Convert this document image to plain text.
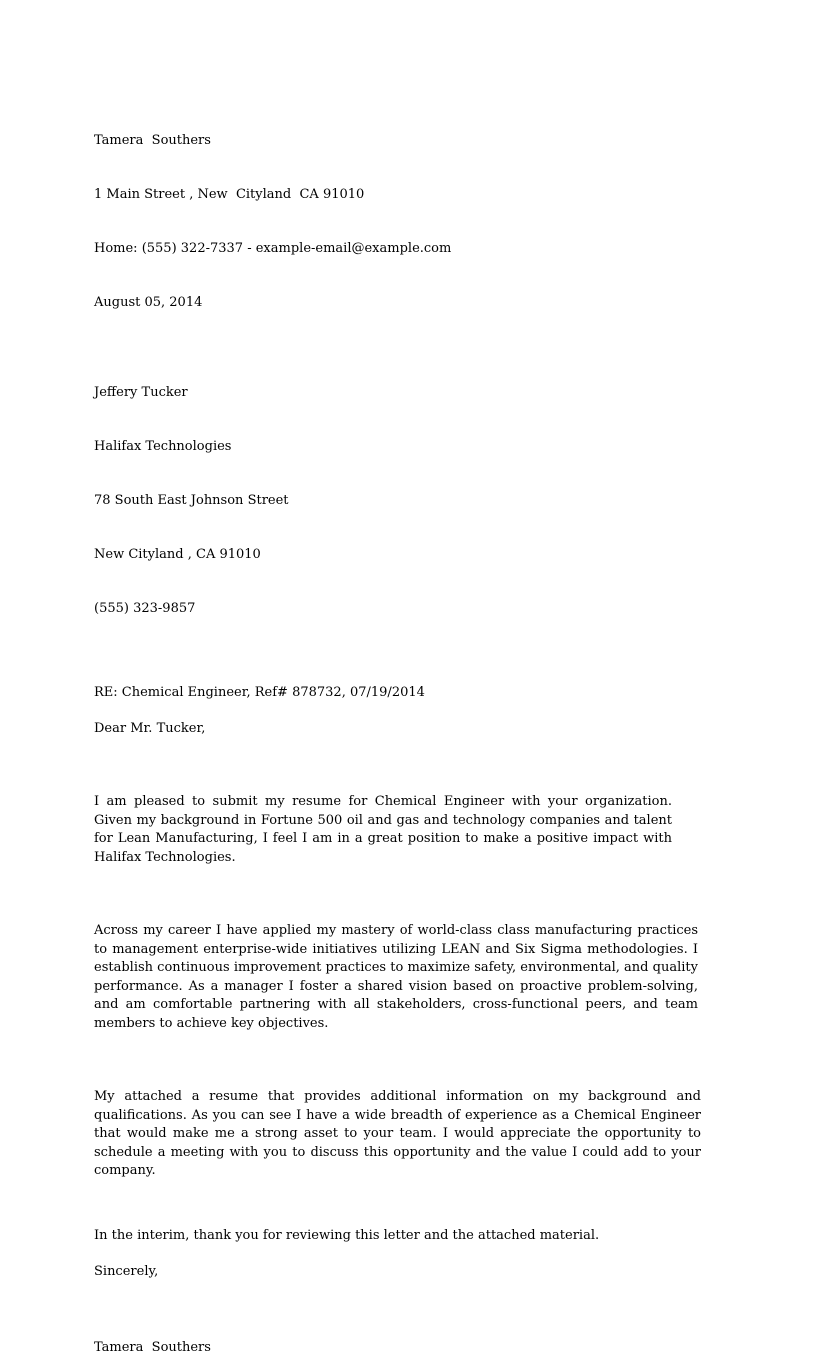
Tamera  Southers

1 Main Street , New  Cityland  CA 91010

Home: (555) 322-7337 - example-email@example.com

August 05, 2014

Jeffery Tucker

Halifax Technologies

78 South East Johnson Street

New Cityland , CA 91010

(555) 323-9857

RE: Chemical Engineer, Ref# 878732, 07/19/2014
Dear Mr. Tucker,

I am pleased to submit my resume for Chemical Engineer with your organization. Given my background in Fortune 500 oil and gas and technology companies and talent for Lean Manufacturing, I feel I am in a great position to make a positive impact with Halifax Technologies.

Across my career I have applied my mastery of world-class class manufacturing practices to management enterprise-wide initiatives utilizing LEAN and Six Sigma methodologies. I establish continuous improvement practices to maximize safety, environmental, and quality performance. As a manager I foster a shared vision based on proactive problem-solving, and am comfortable partnering with all stakeholders, cross-functional peers, and team members to achieve key objectives.

My attached a resume that provides additional information on my background and qualifications. As you can see I have a wide breadth of experience as a Chemical Engineer that would make me a strong asset to your team. I would appreciate the opportunity to schedule a meeting with you to discuss this opportunity and the value I could add to your company.

In the interim, thank you for reviewing this letter and the attached material.
Sincerely,
Tamera  Southers
